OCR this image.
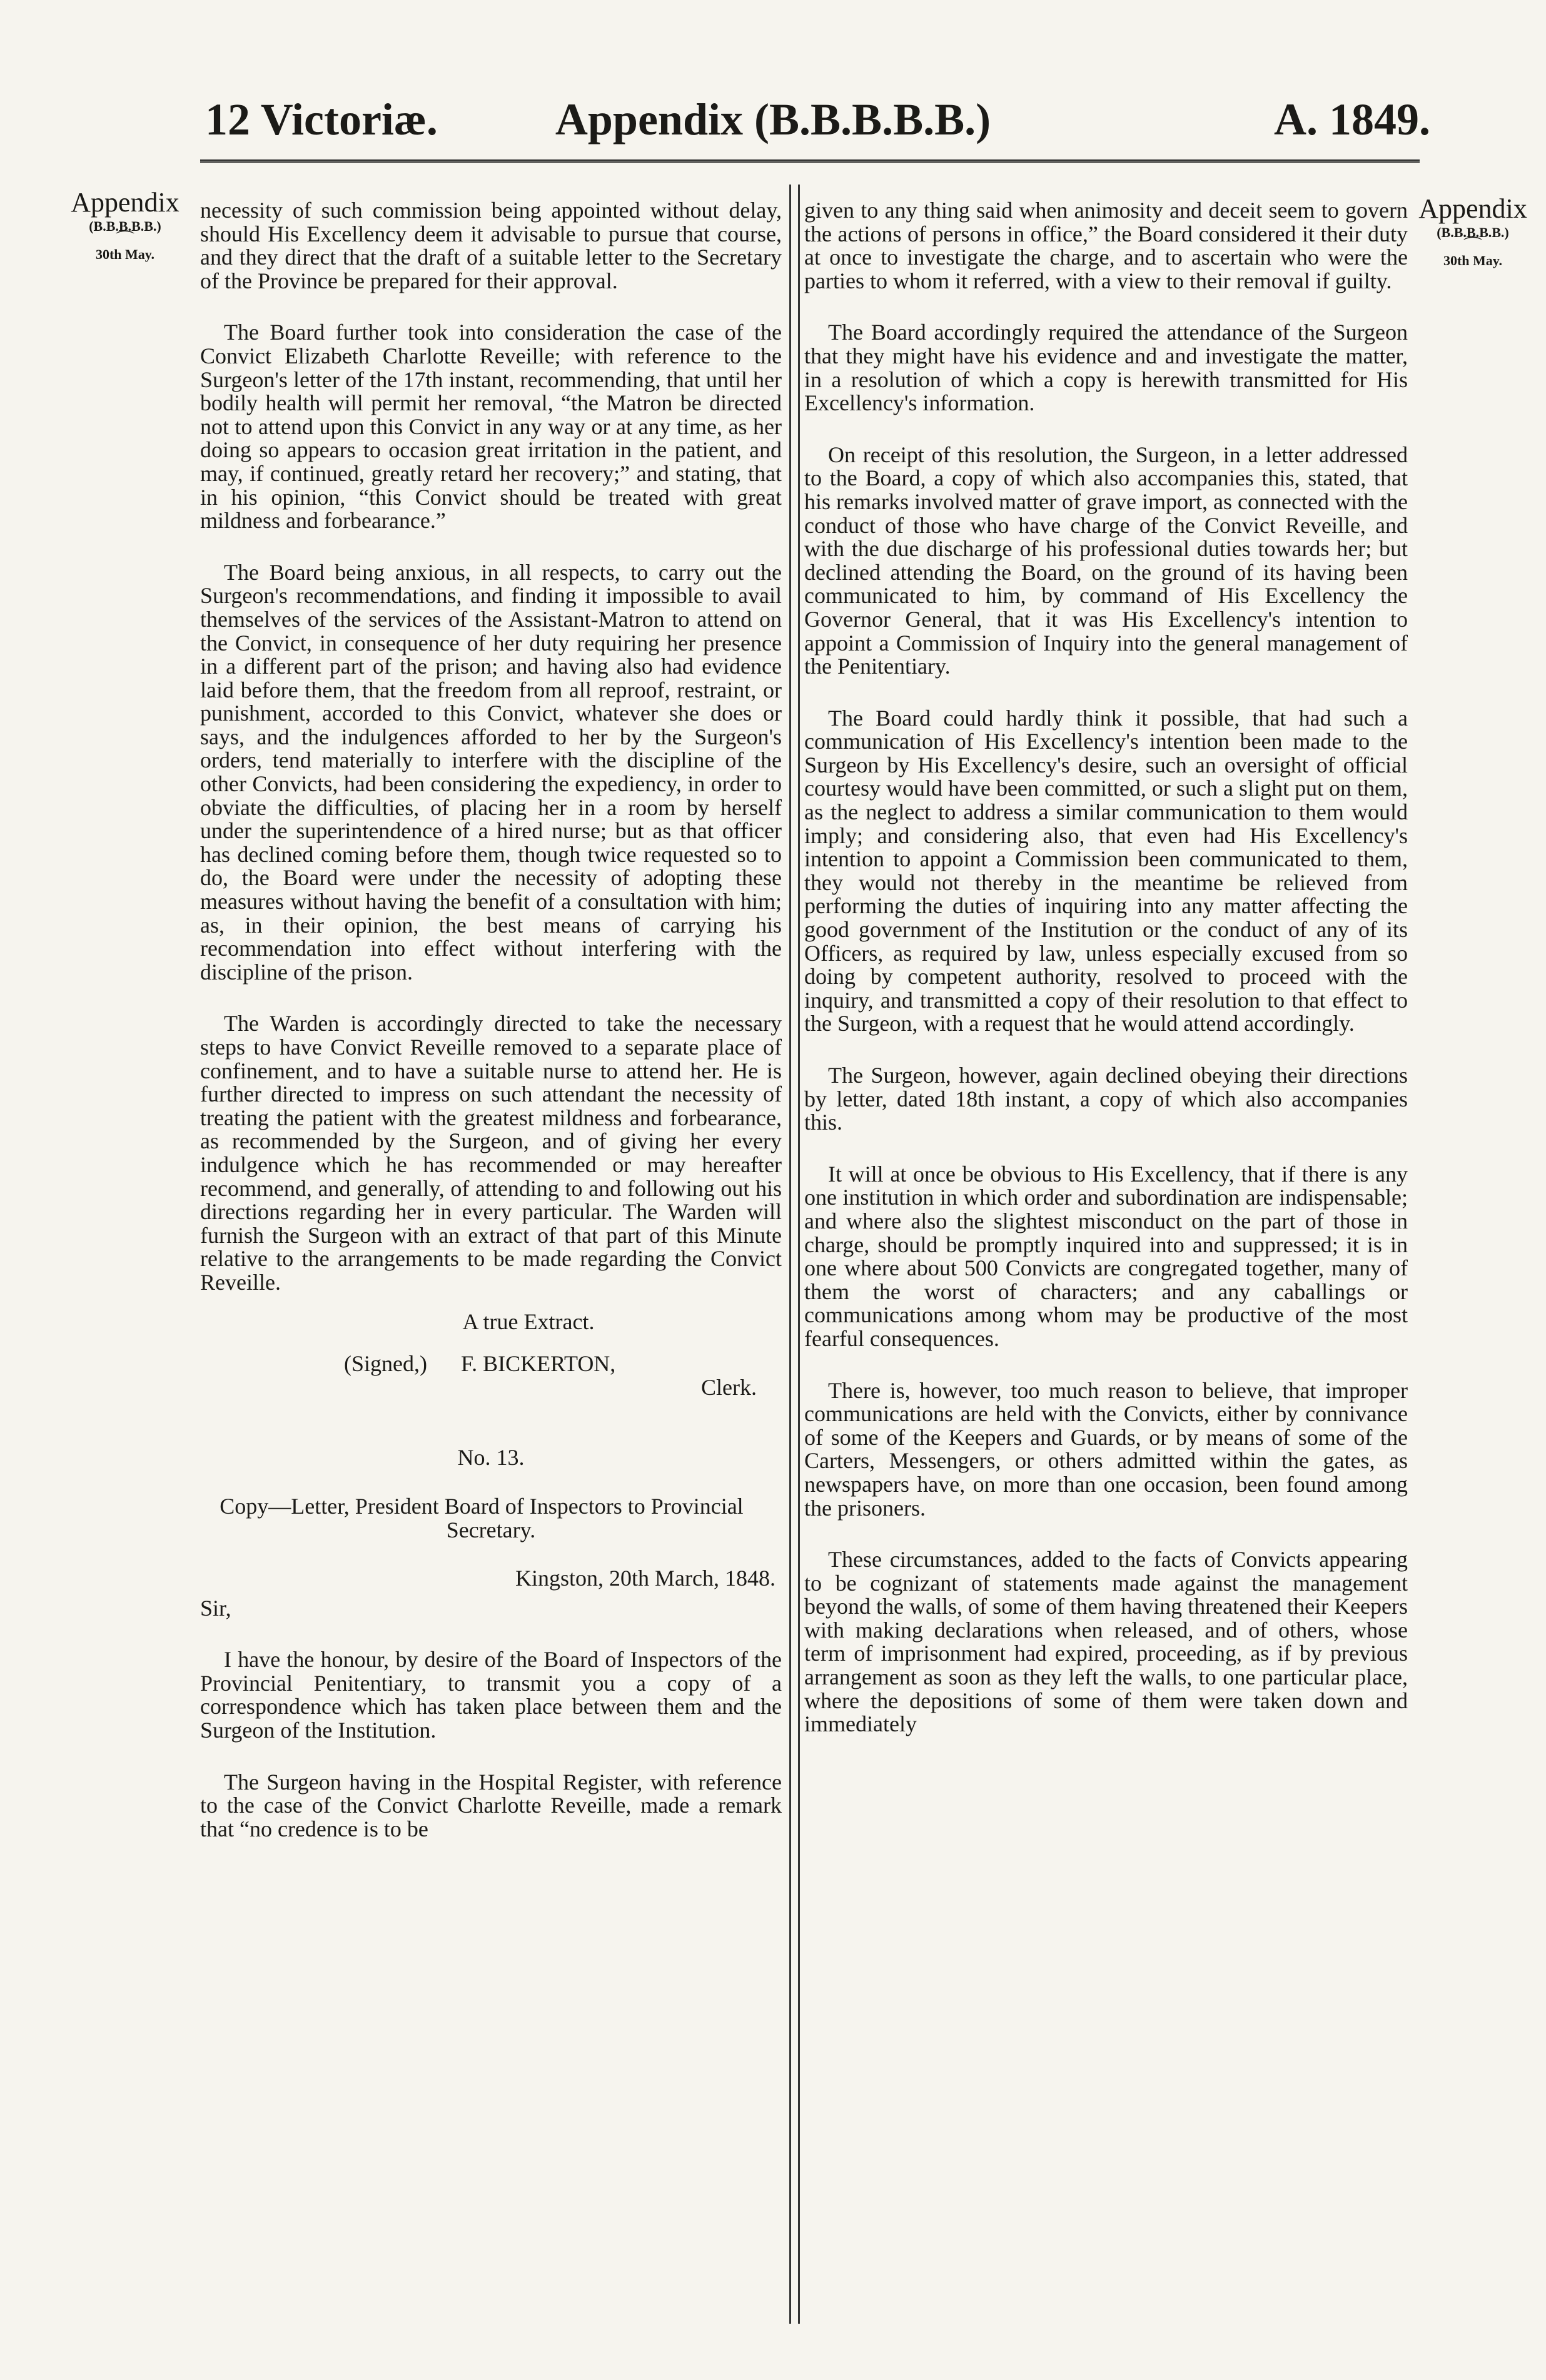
12 Victoriæ.	Appendix (B.B.B.B.B.)	A. 1849.
Appendix
(B.B.B.B.B.)
⌒
30th May.
Appendix
(B.B.B.B.B.)
⌒
30th May.

necessity of such commission being appointed without delay, should His Excellency deem it advisable to pursue that course, and they direct that the draft of a suitable letter to the Secretary of the Province be prepared for their approval.

The Board further took into consideration the case of the Convict Elizabeth Charlotte Reveille; with reference to the Surgeon's letter of the 17th instant, recommending, that until her bodily health will permit her removal, “the Matron be directed not to attend upon this Convict in any way or at any time, as her doing so appears to occasion great irritation in the patient, and may, if continued, greatly retard her recovery;” and stating, that in his opinion, “this Convict should be treated with great mildness and forbearance.”

The Board being anxious, in all respects, to carry out the Surgeon's recommendations, and finding it impossible to avail themselves of the services of the Assistant-Matron to attend on the Convict, in consequence of her duty requiring her presence in a different part of the prison; and having also had evidence laid before them, that the freedom from all reproof, restraint, or punishment, accorded to this Convict, whatever she does or says, and the indulgences afforded to her by the Surgeon's orders, tend materially to interfere with the discipline of the other Convicts, had been considering the expediency, in order to obviate the difficulties, of placing her in a room by herself under the superintendence of a hired nurse; but as that officer has declined coming before them, though twice requested so to do, the Board were under the necessity of adopting these measures without having the benefit of a consultation with him; as, in their opinion, the best means of carrying his recommendation into effect without interfering with the discipline of the prison.

The Warden is accordingly directed to take the necessary steps to have Convict Reveille removed to a separate place of confinement, and to have a suitable nurse to attend her. He is further directed to impress on such attendant the necessity of treating the patient with the greatest mildness and forbearance, as recommended by the Surgeon, and of giving her every indulgence which he has recommended or may hereafter recommend, and generally, of attending to and following out his directions regarding her in every particular. The Warden will furnish the Surgeon with an extract of that part of this Minute relative to the arrangements to be made regarding the Convict Reveille.

A true Extract.
(Signed,) F. BICKERTON,
Clerk.
No. 13.
Copy—Letter, President Board of Inspectors to Provincial Secretary.
Kingston, 20th March, 1848.
Sir,

I have the honour, by desire of the Board of Inspectors of the Provincial Penitentiary, to transmit you a copy of a correspondence which has taken place between them and the Surgeon of the Institution.

The Surgeon having in the Hospital Register, with reference to the case of the Convict Charlotte Reveille, made a remark that “no credence is to be

given to any thing said when animosity and deceit seem to govern the actions of persons in office,” the Board considered it their duty at once to investigate the charge, and to ascertain who were the parties to whom it referred, with a view to their removal if guilty.

The Board accordingly required the attendance of the Surgeon that they might have his evidence and and investigate the matter, in a resolution of which a copy is herewith transmitted for His Excellency's information.

On receipt of this resolution, the Surgeon, in a letter addressed to the Board, a copy of which also accompanies this, stated, that his remarks involved matter of grave import, as connected with the conduct of those who have charge of the Convict Reveille, and with the due discharge of his professional duties towards her; but declined attending the Board, on the ground of its having been communicated to him, by command of His Excellency the Governor General, that it was His Excellency's intention to appoint a Commission of Inquiry into the general management of the Penitentiary.

The Board could hardly think it possible, that had such a communication of His Excellency's intention been made to the Surgeon by His Excellency's desire, such an oversight of official courtesy would have been committed, or such a slight put on them, as the neglect to address a similar communication to them would imply; and considering also, that even had His Excellency's intention to appoint a Commission been communicated to them, they would not thereby in the meantime be relieved from performing the duties of inquiring into any matter affecting the good government of the Institution or the conduct of any of its Officers, as required by law, unless especially excused from so doing by competent authority, resolved to proceed with the inquiry, and transmitted a copy of their resolution to that effect to the Surgeon, with a request that he would attend accordingly.

The Surgeon, however, again declined obeying their directions by letter, dated 18th instant, a copy of which also accompanies this.

It will at once be obvious to His Excellency, that if there is any one institution in which order and subordination are indispensable; and where also the slightest misconduct on the part of those in charge, should be promptly inquired into and suppressed; it is in one where about 500 Convicts are congregated together, many of them the worst of characters; and any caballings or communications among whom may be productive of the most fearful consequences.

There is, however, too much reason to believe, that improper communications are held with the Convicts, either by connivance of some of the Keepers and Guards, or by means of some of the Carters, Messengers, or others admitted within the gates, as newspapers have, on more than one occasion, been found among the prisoners.

These circumstances, added to the facts of Convicts appearing to be cognizant of statements made against the management beyond the walls, of some of them having threatened their Keepers with making declarations when released, and of others, whose term of imprisonment had expired, proceeding, as if by previous arrangement as soon as they left the walls, to one particular place, where the depositions of some of them were taken down and immediately
